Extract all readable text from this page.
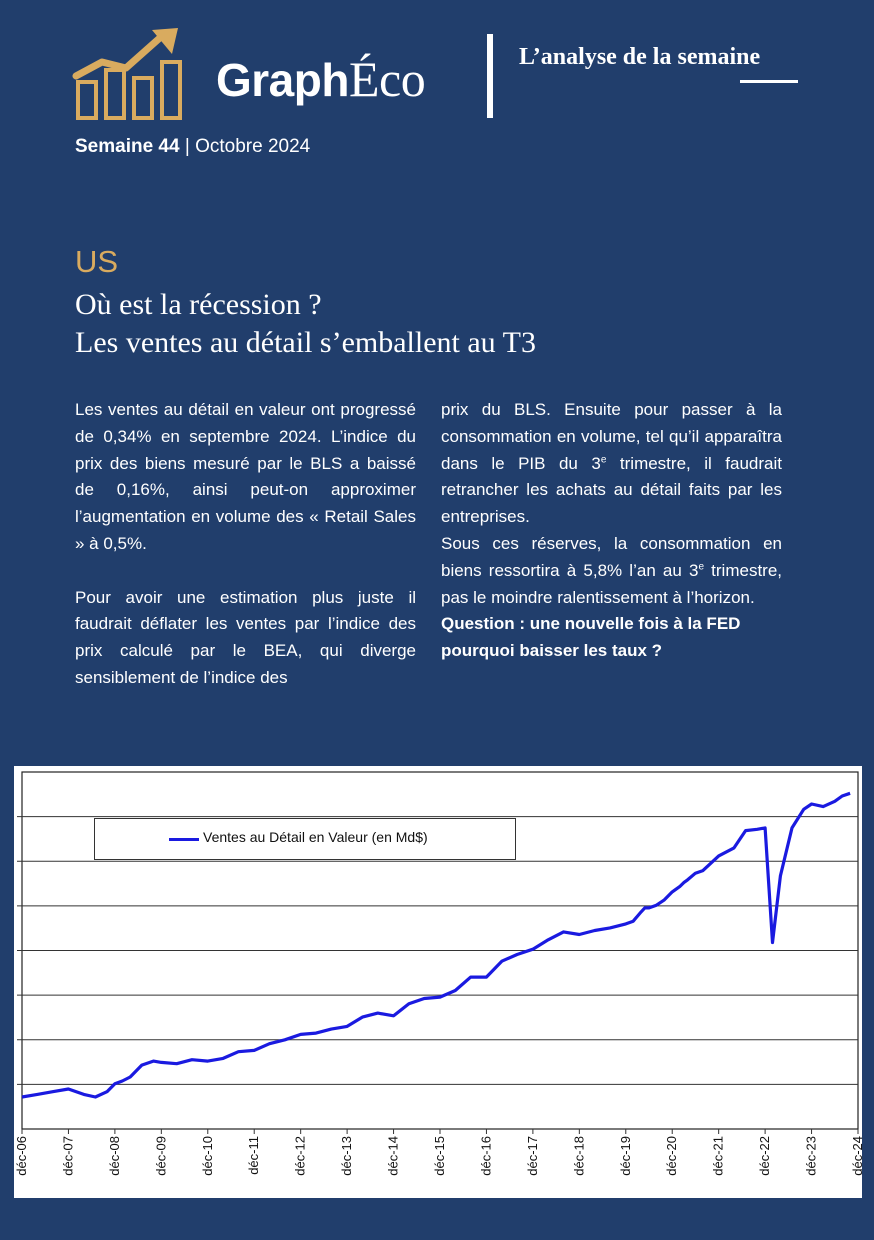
GraphÉco	L’analyse de la semaine
Semaine 44 | Octobre 2024
US
Où est la récession ?
Les ventes au détail s’emballent au T3

Les ventes au détail en valeur ont progressé de 0,34% en septembre 2024. L’indice du prix des biens mesuré par le BLS a baissé de 0,16%, ainsi peut-on approximer l’augmentation en volume des « Retail Sales » à 0,5%.

Pour avoir une estimation plus juste il faudrait déflater les ventes par l’indice des prix calculé par le BEA, qui diverge sensiblement de l’indice des

prix du BLS. Ensuite pour passer à la consommation en volume, tel qu’il apparaîtra dans le PIB du 3e trimestre, il faudrait retrancher les achats au détail faits par les entreprises.

Sous ces réserves, la consommation en biens ressortira à 5,8% l’an au 3e trimestre, pas le moindre ralentissement à l’horizon.

Question : une nouvelle fois à la FED pourquoi baisser les taux ?

déc-06 déc-07 déc-08 déc-09 déc-10 déc-11 déc-12 déc-13 déc-14 déc-15 déc-16 déc-17 déc-18 déc-19 déc-20 déc-21 déc-22 déc-23 déc-24
Ventes au Détail en Valeur (en Md$)
